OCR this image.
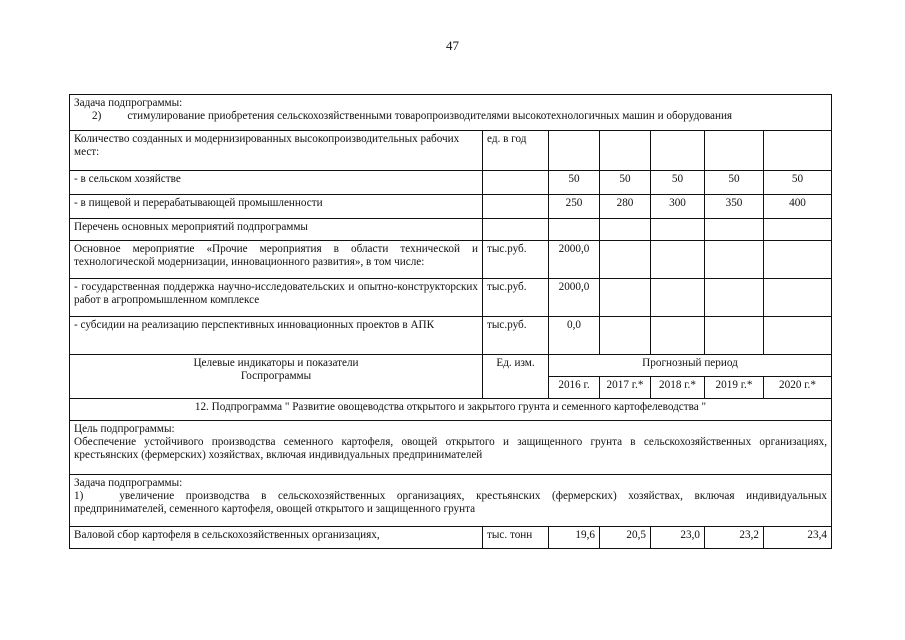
47
Задача подпрограммы:
2) стимулирование приобретения сельскохозяйственными товаропроизводителями высокотехнологичных машин и оборудования						

Количество созданных и модернизированных высокопроизводительных рабочих мест:	ед. в год					
- в сельском хозяйстве		50	50	50	50	50
- в пищевой и перерабатывающей промышленности		250	280	300	350	400
Перечень основных мероприятий подпрограммы						
Основное мероприятие «Прочие мероприятия в области технической и технологической модернизации, инновационного развития», в том числе:	тыс.руб.	2000,0				
- государственная поддержка научно-исследовательских и опытно-конструкторских работ в агропромышленном комплексе	тыс.руб.	2000,0				
- субсидии на реализацию перспективных инновационных проектов в АПК	тыс.руб.	0,0				

Целевые индикаторы и показатели
Госпрограммы	Ед. изм.	Прогнозный период				
		2016 г.	2017 г.*	2018 г.*	2019 г.*	2020 г.*
12. Подпрограмма " Развитие овощеводства открытого и закрытого грунта и семенного картофелеводства "						

Цель подпрограммы:
Обеспечение устойчивого производства семенного картофеля, овощей открытого и защищенного грунта в сельскохозяйственных организациях, крестьянских (фермерских) хозяйствах, включая индивидуальных предпринимателей						

Задача подпрограммы:
1) увеличение производства в сельскохозяйственных организациях, крестьянских (фермерских) хозяйствах, включая индивидуальных предпринимателей, семенного картофеля, овощей открытого и защищенного грунта						

Валовой сбор картофеля в сельскохозяйственных организациях,	тыс. тонн	19,6	20,5	23,0	23,2	23,4
